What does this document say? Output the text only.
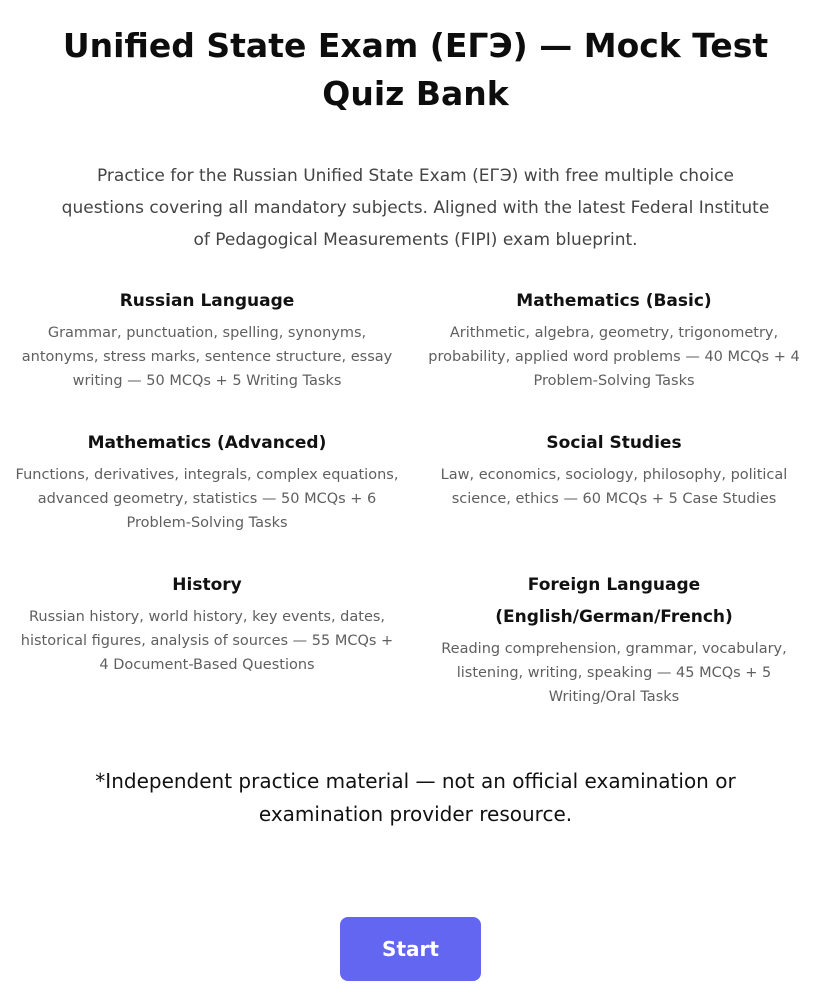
Unified State Exam (ЕГЭ) — Mock Test Quiz Bank

Practice for the Russian Unified State Exam (ЕГЭ) with free multiple choice questions covering all mandatory subjects. Aligned with the latest Federal Institute of Pedagogical Measurements (FIPI) exam blueprint.

Russian Language

Grammar, punctuation, spelling, synonyms, antonyms, stress marks, sentence structure, essay writing — 50 MCQs + 5 Writing Tasks

Mathematics (Basic)

Arithmetic, algebra, geometry, trigonometry, probability, applied word problems — 40 MCQs + 4 Problem-Solving Tasks

Mathematics (Advanced)

Functions, derivatives, integrals, complex equations, advanced geometry, statistics — 50 MCQs + 6 Problem-Solving Tasks

Social Studies

Law, economics, sociology, philosophy, political science, ethics — 60 MCQs + 5 Case Studies

History

Russian history, world history, key events, dates, historical figures, analysis of sources — 55 MCQs + 4 Document-Based Questions

Foreign Language (English/German/French)

Reading comprehension, grammar, vocabulary, listening, writing, speaking — 45 MCQs + 5 Writing/Oral Tasks

*Independent practice material — not an official examination or examination provider resource.

Start
